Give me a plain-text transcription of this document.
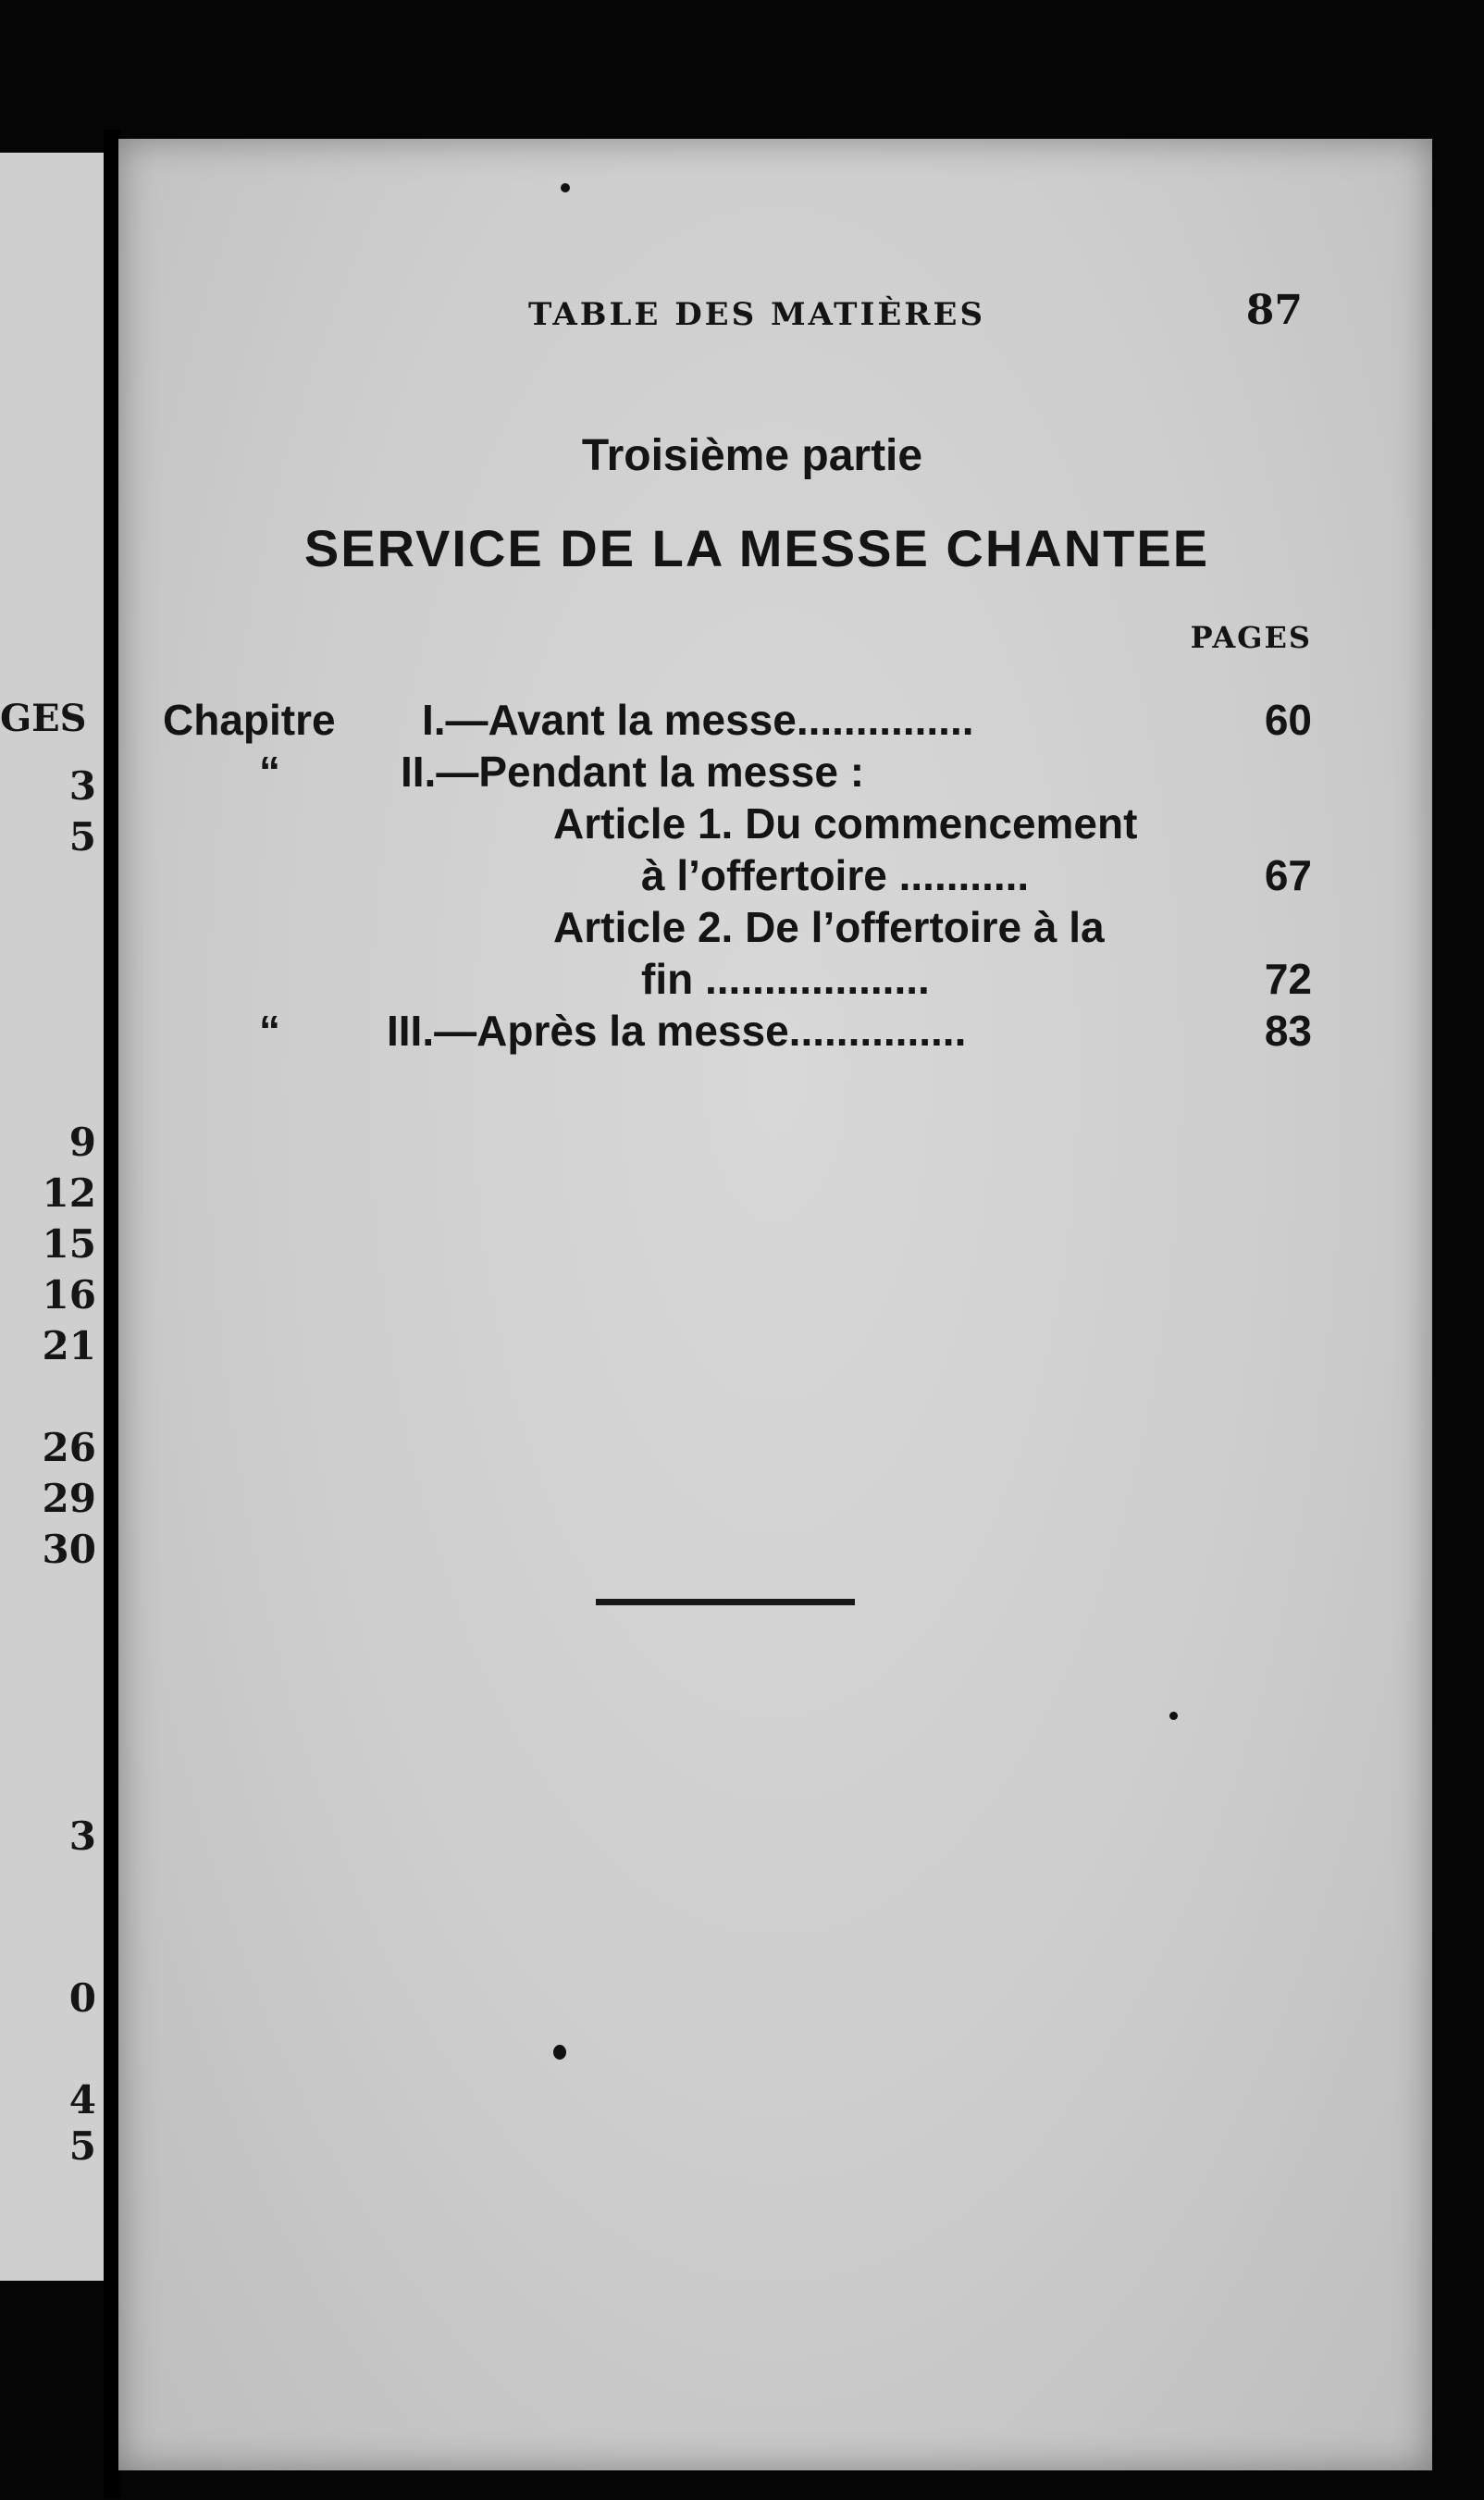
GES
3
5
9
12
15
16
21
26
29
30
3
0
4
5
TABLE DES MATIÈRES	87
Troisième partie
SERVICE DE LA MESSE CHANTEE
PAGES
Chapitre I.—Avant la messe...............	60
“	II.—Pendant la messe :
Article 1. Du commencement
à l’offertoire ...........	67
Article 2. De l’offertoire à la
fin ...................	72
“	III.—Après la messe...............	83
